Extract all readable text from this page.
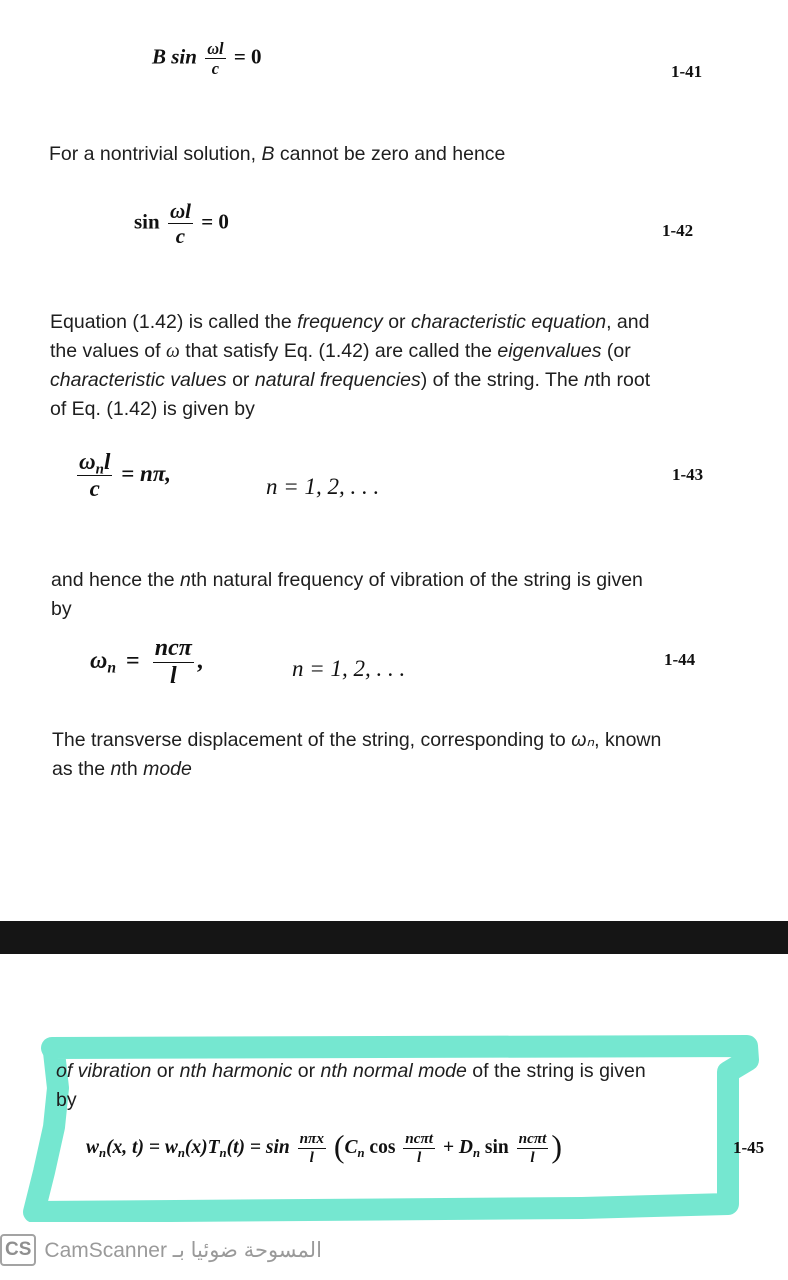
B $\sin \frac{\omega l}{c} = 0$
1-41
For a nontrivial solution, B cannot be zero and hence
$\sin \frac{\omega l}{c} = 0$	1-42
Equation (1.42) is called the frequency or characteristic equation, and
the values of ω that satisfy Eq. (1.42) are called the eigenvalues (or
characteristic values or natural frequencies) of the string. The nth root
of Eq. (1.42) is given by
$\frac{\omega_nl}{c} = n\pi$,
n = 1, 2, . . .	1-43
and hence the nth natural frequency of vibration of the string is given
by
$\omega_n = \frac{\text{ncπ}}{l}$ ,	n = 1, 2, . . .	1-44
The transverse displacement of the string, corresponding to ωₙ, known
as the nth mode
of vibration or nth harmonic or nth normal mode of the string is given
by
$w_n(x$, $t) = w_n(x)T_n(t) = \sin \frac{\text{nπx}}{l} (C_n$ $\cos \frac{\text{ncπt}}{l} + D_n$ $\sin \frac{\text{ncπt}}{l}$ )	1-45
CS CamScanner المسوحة ضوئيا بـ
